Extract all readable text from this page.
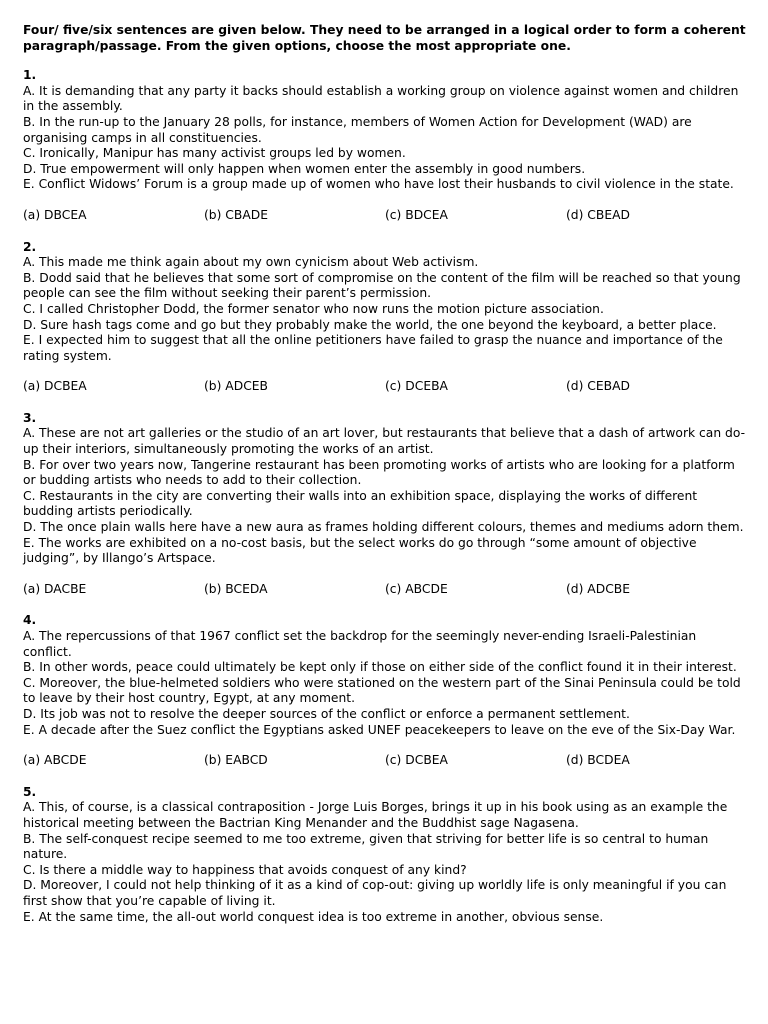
Four/ five/six sentences are given below. They need to be arranged in a logical order to form a coherent paragraph/passage. From the given options, choose the most appropriate one.

1.

A. It is demanding that any party it backs should establish a working group on violence against women and children in the assembly.

B. In the run-up to the January 28 polls, for instance, members of Women Action for Development (WAD) are organising camps in all constituencies.

C. Ironically, Manipur has many activist groups led by women.

D. True empowerment will only happen when women enter the assembly in good numbers.

E. Conflict Widows’ Forum is a group made up of women who have lost their husbands to civil violence in the state.

(a) DBCEA	(b) CBADE	(c) BDCEA	(d) CBEAD

2.

A. This made me think again about my own cynicism about Web activism.

B. Dodd said that he believes that some sort of compromise on the content of the film will be reached so that young people can see the film without seeking their parent’s permission.

C. I called Christopher Dodd, the former senator who now runs the motion picture association.

D. Sure hash tags come and go but they probably make the world, the one beyond the keyboard, a better place.

E. I expected him to suggest that all the online petitioners have failed to grasp the nuance and importance of the rating system.

(a) DCBEA	(b) ADCEB	(c) DCEBA	(d) CEBAD

3.

A. These are not art galleries or the studio of an art lover, but restaurants that believe that a dash of artwork can do-up their interiors, simultaneously promoting the works of an artist.

B. For over two years now, Tangerine restaurant has been promoting works of artists who are looking for a platform or budding artists who needs to add to their collection.

C. Restaurants in the city are converting their walls into an exhibition space, displaying the works of different budding artists periodically.

D. The once plain walls here have a new aura as frames holding different colours, themes and mediums adorn them.

E. The works are exhibited on a no-cost basis, but the select works do go through “some amount of objective judging”, by Illango’s Artspace.

(a) DACBE	(b) BCEDA	(c) ABCDE	(d) ADCBE

4.

A. The repercussions of that 1967 conflict set the backdrop for the seemingly never-ending Israeli-Palestinian conflict.

B. In other words, peace could ultimately be kept only if those on either side of the conflict found it in their interest.

C. Moreover, the blue-helmeted soldiers who were stationed on the western part of the Sinai Peninsula could be told to leave by their host country, Egypt, at any moment.

D. Its job was not to resolve the deeper sources of the conflict or enforce a permanent settlement.

E. A decade after the Suez conflict the Egyptians asked UNEF peacekeepers to leave on the eve of the Six-Day War.

(a) ABCDE	(b) EABCD	(c) DCBEA	(d) BCDEA

5.

A. This, of course, is a classical contraposition - Jorge Luis Borges, brings it up in his book using as an example the historical meeting between the Bactrian King Menander and the Buddhist sage Nagasena.

B. The self-conquest recipe seemed to me too extreme, given that striving for better life is so central to human nature.

C. Is there a middle way to happiness that avoids conquest of any kind?

D. Moreover, I could not help thinking of it as a kind of cop-out: giving up worldly life is only meaningful if you can first show that you’re capable of living it.

E. At the same time, the all-out world conquest idea is too extreme in another, obvious sense.
